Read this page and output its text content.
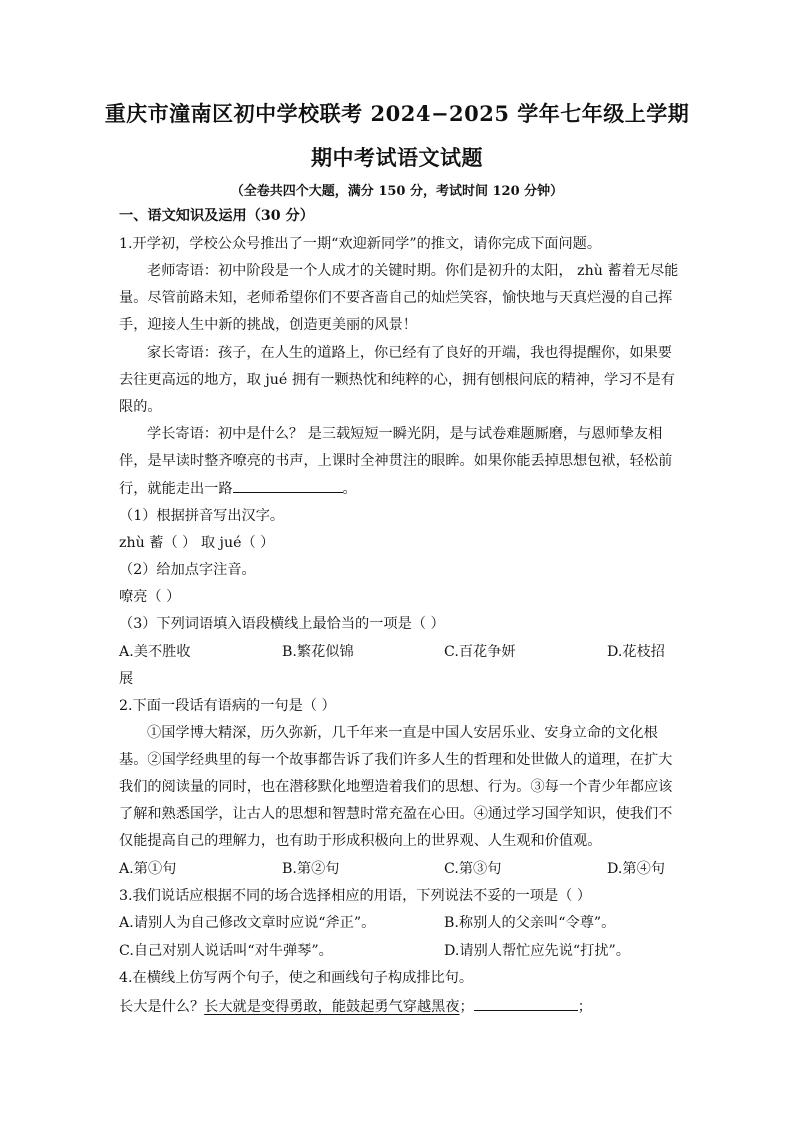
重庆市潼南区初中学校联考 2024−2025 学年七年级上学期
期中考试语文试题
（全卷共四个大题，满分 150 分，考试时间 120 分钟）
一、语文知识及运用（30 分）
1.开学初，学校公众号推出了一期“欢迎新同学”的推文，请你完成下面问题。
老师寄语：初中阶段是一个人成才的关键时期。你们是初升的太阳， zhù 蓄着无尽能
量。尽管前路未知，老师希望你们不要吝啬自己的灿烂笑容，愉快地与天真烂漫的自己挥
手，迎接人生中新的挑战，创造更美丽的风景！
家长寄语：孩子，在人生的道路上，你已经有了良好的开端，我也得提醒你，如果要
去往更高远的地方，取 jué 拥有一颗热忱和纯粹的心，拥有刨根问底的精神，学习不是有
限的。
学长寄语：初中是什么？ 是三载短短一瞬光阴，是与试卷难题厮磨，与恩师挚友相
伴，是早读时整齐嘹亮的书声，上课时全神贯注的眼眸。如果你能丢掉思想包袱，轻松前
行，就能走出一路	。
（1）根据拼音写出汉字。
zhù 蓄（ ） 取 jué（ ）
（2）给加点字注音。
嘹亮（ ）
（3）下列词语填入语段横线上最恰当的一项是（ ）
A.美不胜收	B.繁花似锦	C.百花争妍	D.花枝招
展
2.下面一段话有语病的一句是（ ）
①国学博大精深，历久弥新，几千年来一直是中国人安居乐业、安身立命的文化根
基。②国学经典里的每一个故事都告诉了我们许多人生的哲理和处世做人的道理，在扩大
我们的阅读量的同时，也在潜移默化地塑造着我们的思想、行为。③每一个青少年都应该
了解和熟悉国学，让古人的思想和智慧时常充盈在心田。④通过学习国学知识，使我们不
仅能提高自己的理解力，也有助于形成积极向上的世界观、人生观和价值观。
A.第①句	B.第②句	C.第③句	D.第④句
3.我们说话应根据不同的场合选择相应的用语，下列说法不妥的一项是（ ）
A.请别人为自己修改文章时应说“斧正”。	B.称别人的父亲叫“令尊”。
C.自己对别人说话叫“对牛弹琴”。	D.请别人帮忙应先说“打扰”。
4.在横线上仿写两个句子，使之和画线句子构成排比句。
长大是什么？长大就是变得勇敢，能鼓起勇气穿越黑夜；	；
